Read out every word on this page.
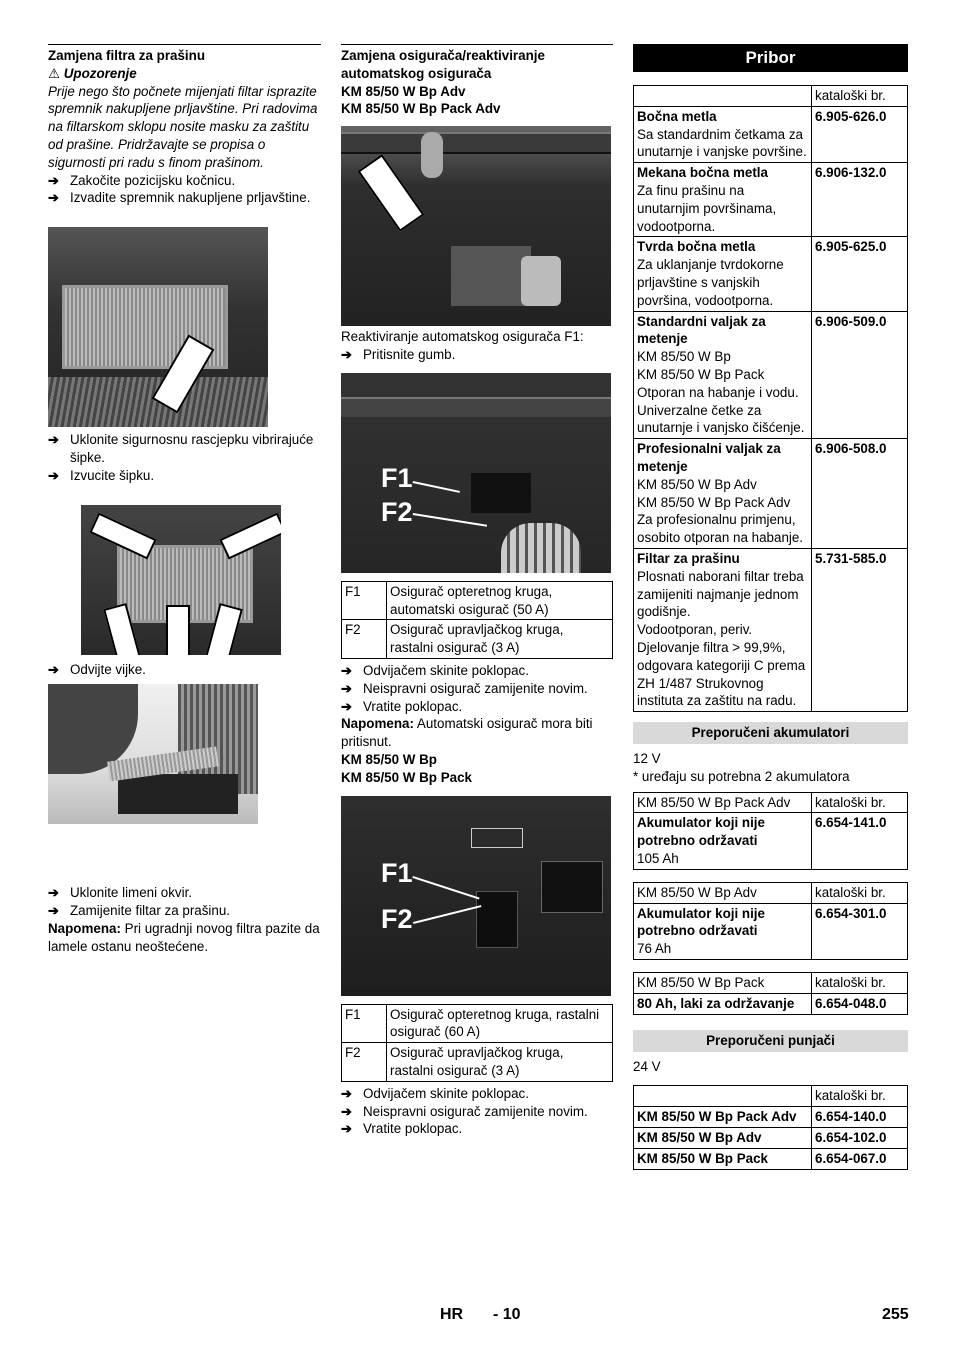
Zamjena filtra za prašinu
⚠ Upozorenje

Prije nego što počnete mijenjati filtar isprazite spremnik nakupljene prljavštine. Pri radovima na filtarskom sklopu nosite masku za zaštitu od prašine. Pridržavajte se propisa o sigurnosti pri radu s finom prašinom.

➔ Zakočite pozicijsku kočnicu.
➔ Izvadite spremnik nakupljene prljavštine.
➔ Uklonite sigurnosnu rascjepku vibrirajuće šipke.
➔ Izvucite šipku.
➔ Odvijte vijke.
➔ Uklonite limeni okvir.
➔ Zamijenite filtar za prašinu.

Napomena: Pri ugradnji novog filtra pazite da lamele ostanu neoštećene.

Zamjena osigurača/reaktiviranje automatskog osigurača
KM 85/50 W Bp Adv
KM 85/50 W Bp Pack Adv

Reaktiviranje automatskog osigurača F1:

➔ Pritisnite gumb.
F1
F2
F1	Osigurač opteretnog kruga, automatski osigurač (50 A)
F2	Osigurač upravljačkog kruga, rastalni osigurač (3 A)
➔ Odvijačem skinite poklopac.
➔ Neispravni osigurač zamijenite novim.
➔ Vratite poklopac.

Napomena: Automatski osigurač mora biti pritisnut.

KM 85/50 W Bp
KM 85/50 W Bp Pack
F1
F2
F1	Osigurač opteretnog kruga, rastalni osigurač (60 A)
F2	Osigurač upravljačkog kruga, rastalni osigurač (3 A)
➔ Odvijačem skinite poklopac.
➔ Neispravni osigurač zamijenite novim.
➔ Vratite poklopac.
Pribor
	kataloški br.

Bočna metla
Sa standardnim četkama za unutarnje i vanjske površine.	6.905-626.0

Mekana bočna metla
Za finu prašinu na unutarnjim površinama, vodootporna.	6.906-132.0

Tvrda bočna metla
Za uklanjanje tvrdokorne prljavštine s vanjskih površina, vodootporna.	6.905-625.0

Standardni valjak za metenje
KM 85/50 W Bp
KM 85/50 W Bp Pack
Otporan na habanje i vodu. Univerzalne četke za unutarnje i vanjsko čišćenje.	6.906-509.0

Profesionalni valjak za metenje
KM 85/50 W Bp Adv
KM 85/50 W Bp Pack Adv
Za profesionalnu primjenu, osobito otporan na habanje.	6.906-508.0

Filtar za prašinu
Plosnati naborani filtar treba zamijeniti najmanje jednom godišnje.
Vodootporan, periv. Djelovanje filtra > 99,9%, odgovara kategoriji C prema ZH 1/487 Strukovnog instituta za zaštitu na radu.	5.731-585.0
Preporučeni akumulatori

12 V

* uređaju su potrebna 2 akumulatora

KM 85/50 W Bp Pack Adv	kataloški br.

Akumulator koji nije potrebno održavati
105 Ah	6.654-141.0
KM 85/50 W Bp Adv	kataloški br.

Akumulator koji nije potrebno održavati
76 Ah	6.654-301.0
KM 85/50 W Bp Pack	kataloški br.
80 Ah, laki za održavanje	6.654-048.0
Preporučeni punjači

24 V

	kataloški br.
KM 85/50 W Bp Pack Adv	6.654-140.0
KM 85/50 W Bp Adv	6.654-102.0
KM 85/50 W Bp Pack	6.654-067.0
HR - 10	255
